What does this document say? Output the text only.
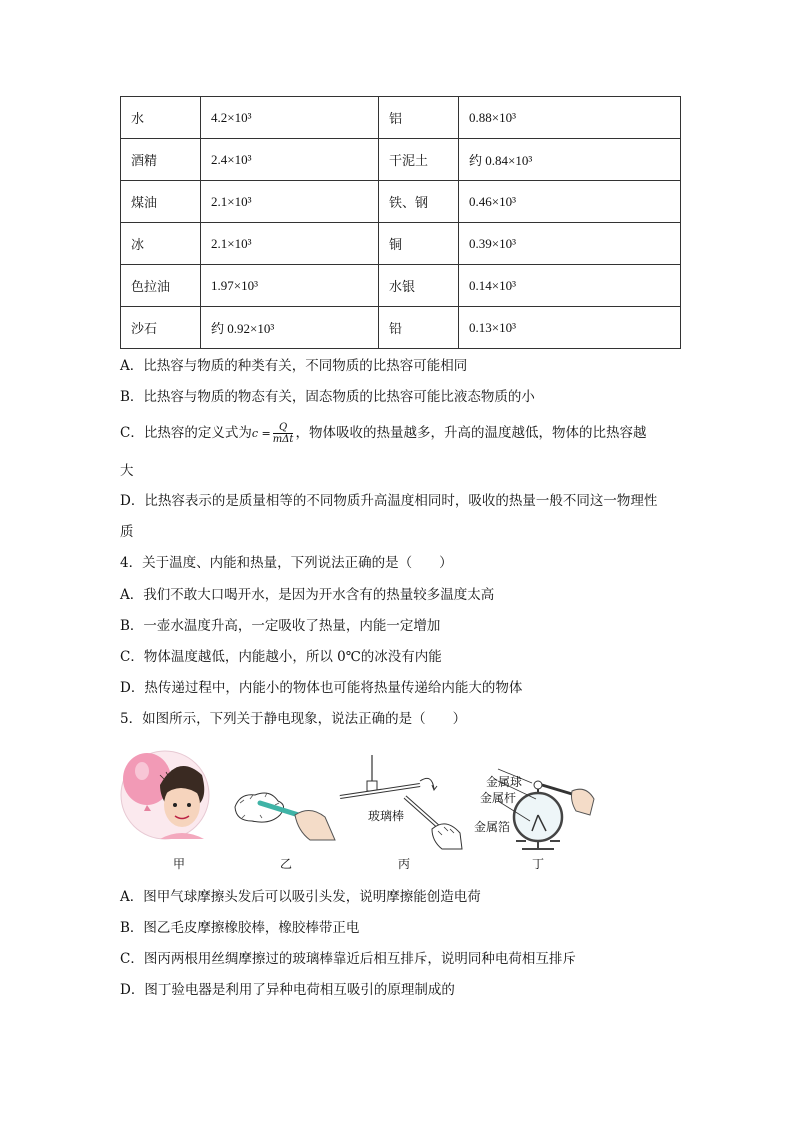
水	4.2×10³	铝	0.88×10³
酒精	2.4×10³	干泥土	约 0.84×10³
煤油	2.1×10³	铁、钢	0.46×10³
冰	2.1×10³	铜	0.39×10³
色拉油	1.97×10³	水银	0.14×10³
沙石	约 0.92×10³	铅	0.13×10³
A．比热容与物质的种类有关，不同物质的比热容可能相同
B．比热容与物质的物态有关，固态物质的比热容可能比液态物质的小
C．比热容的定义式为$c = \frac{Q}{\text{mΔt}}$ ，物体吸收的热量越多，升高的温度越低，物体的比热容越
大
D．比热容表示的是质量相等的不同物质升高温度相同时，吸收的热量一般不同这一物理性
质
4．关于温度、内能和热量，下列说法正确的是（　　）
A．我们不敢大口喝开水，是因为开水含有的热量较多温度太高
B．一壶水温度升高，一定吸收了热量，内能一定增加
C．物体温度越低，内能越小，所以 0℃的冰没有内能
D．热传递过程中，内能小的物体也可能将热量传递给内能大的物体
5．如图所示，下列关于静电现象，说法正确的是（　　）
玻璃棒
金属球
金属杆
金属箔
甲	乙	丙	丁
A．图甲气球摩擦头发后可以吸引头发，说明摩擦能创造电荷
B．图乙毛皮摩擦橡胶棒，橡胶棒带正电
C．图丙两根用丝绸摩擦过的玻璃棒靠近后相互排斥，说明同种电荷相互排斥
D．图丁验电器是利用了异种电荷相互吸引的原理制成的
